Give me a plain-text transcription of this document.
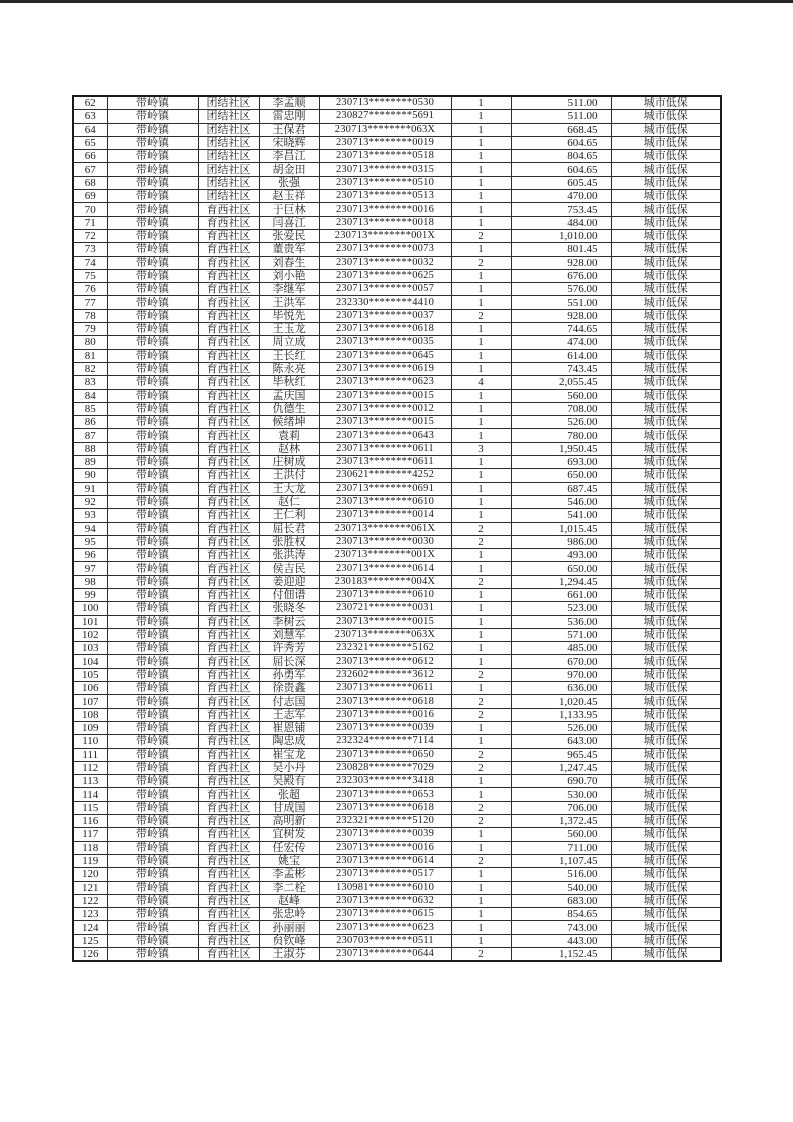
62	带岭镇	团结社区	李孟顺	230713********0530	1	511.00	城市低保
63	带岭镇	团结社区	雷忠刚	230827********5691	1	511.00	城市低保
64	带岭镇	团结社区	王保君	230713********063X	1	668.45	城市低保
65	带岭镇	团结社区	宋晓辉	230713********0019	1	604.65	城市低保
66	带岭镇	团结社区	李昌江	230713********0518	1	804.65	城市低保
67	带岭镇	团结社区	胡金田	230713********0315	1	604.65	城市低保
68	带岭镇	团结社区	张强	230713********0510	1	605.45	城市低保
69	带岭镇	团结社区	赵玉祥	230713********0513	1	470.00	城市低保
70	带岭镇	育西社区	于巨林	230713********0016	1	753.45	城市低保
71	带岭镇	育西社区	闫喜江	230713********0018	1	484.00	城市低保
72	带岭镇	育西社区	张爱民	230713********001X	2	1,010.00	城市低保
73	带岭镇	育西社区	董贵军	230713********0073	1	801.45	城市低保
74	带岭镇	育西社区	刘春生	230713********0032	2	928.00	城市低保
75	带岭镇	育西社区	刘小艳	230713********0625	1	676.00	城市低保
76	带岭镇	育西社区	李继军	230713********0057	1	576.00	城市低保
77	带岭镇	育西社区	王洪军	232330********4410	1	551.00	城市低保
78	带岭镇	育西社区	毕悦先	230713********0037	2	928.00	城市低保
79	带岭镇	育西社区	王玉龙	230713********0618	1	744.65	城市低保
80	带岭镇	育西社区	周立成	230713********0035	1	474.00	城市低保
81	带岭镇	育西社区	王长红	230713********0645	1	614.00	城市低保
82	带岭镇	育西社区	陈永亮	230713********0619	1	743.45	城市低保
83	带岭镇	育西社区	毕秋红	230713********0623	4	2,055.45	城市低保
84	带岭镇	育西社区	孟庆国	230713********0015	1	560.00	城市低保
85	带岭镇	育西社区	仇德生	230713********0012	1	708.00	城市低保
86	带岭镇	育西社区	候绪坤	230713********0015	1	526.00	城市低保
87	带岭镇	育西社区	袁莉	230713********0643	1	780.00	城市低保
88	带岭镇	育西社区	赵林	230713********0611	3	1,950.45	城市低保
89	带岭镇	育西社区	庄树成	230713********0611	1	693.00	城市低保
90	带岭镇	育西社区	王洪付	230621********4252	1	650.00	城市低保
91	带岭镇	育西社区	王大龙	230713********0691	1	687.45	城市低保
92	带岭镇	育西社区	赵仁	230713********0610	1	546.00	城市低保
93	带岭镇	育西社区	王仁利	230713********0014	1	541.00	城市低保
94	带岭镇	育西社区	屈长君	230713********061X	2	1,015.45	城市低保
95	带岭镇	育西社区	张胜权	230713********0030	2	986.00	城市低保
96	带岭镇	育西社区	张洪涛	230713********001X	1	493.00	城市低保
97	带岭镇	育西社区	侯吉民	230713********0614	1	650.00	城市低保
98	带岭镇	育西社区	姜迎迎	230183********004X	2	1,294.45	城市低保
99	带岭镇	育西社区	付佃谱	230713********0610	1	661.00	城市低保
100	带岭镇	育西社区	张晓冬	230721********0031	1	523.00	城市低保
101	带岭镇	育西社区	李树云	230713********0015	1	536.00	城市低保
102	带岭镇	育西社区	刘慧军	230713********063X	1	571.00	城市低保
103	带岭镇	育西社区	许秀芳	232321********5162	1	485.00	城市低保
104	带岭镇	育西社区	屈长深	230713********0612	1	670.00	城市低保
105	带岭镇	育西社区	孙勇军	232602********3612	2	970.00	城市低保
106	带岭镇	育西社区	徐贵鑫	230713********0611	1	636.00	城市低保
107	带岭镇	育西社区	付志国	230713********0618	2	1,020.45	城市低保
108	带岭镇	育西社区	王志军	230713********0016	2	1,133.95	城市低保
109	带岭镇	育西社区	崔恩铺	230713********0039	1	526.00	城市低保
110	带岭镇	育西社区	陶忠成	232324********7114	1	643.00	城市低保
111	带岭镇	育西社区	崔宝龙	230713********0650	2	965.45	城市低保
112	带岭镇	育西社区	吴小丹	230828********7029	2	1,247.45	城市低保
113	带岭镇	育西社区	吴殿有	232303********3418	1	690.70	城市低保
114	带岭镇	育西社区	张超	230713********0653	1	530.00	城市低保
115	带岭镇	育西社区	甘成国	230713********0618	2	706.00	城市低保
116	带岭镇	育西社区	高明新	232321********5120	2	1,372.45	城市低保
117	带岭镇	育西社区	宜树发	230713********0039	1	560.00	城市低保
118	带岭镇	育西社区	任宏传	230713********0016	1	711.00	城市低保
119	带岭镇	育西社区	姚宝	230713********0614	2	1,107.45	城市低保
120	带岭镇	育西社区	李孟彬	230713********0517	1	516.00	城市低保
121	带岭镇	育西社区	李二栓	130981********6010	1	540.00	城市低保
122	带岭镇	育西社区	赵峰	230713********0632	1	683.00	城市低保
123	带岭镇	育西社区	张忠岭	230713********0615	1	854.65	城市低保
124	带岭镇	育西社区	孙丽丽	230713********0623	1	743.00	城市低保
125	带岭镇	育西社区	贠钦峰	230703********0511	1	443.00	城市低保
126	带岭镇	育西社区	王淑芬	230713********0644	2	1,152.45	城市低保
